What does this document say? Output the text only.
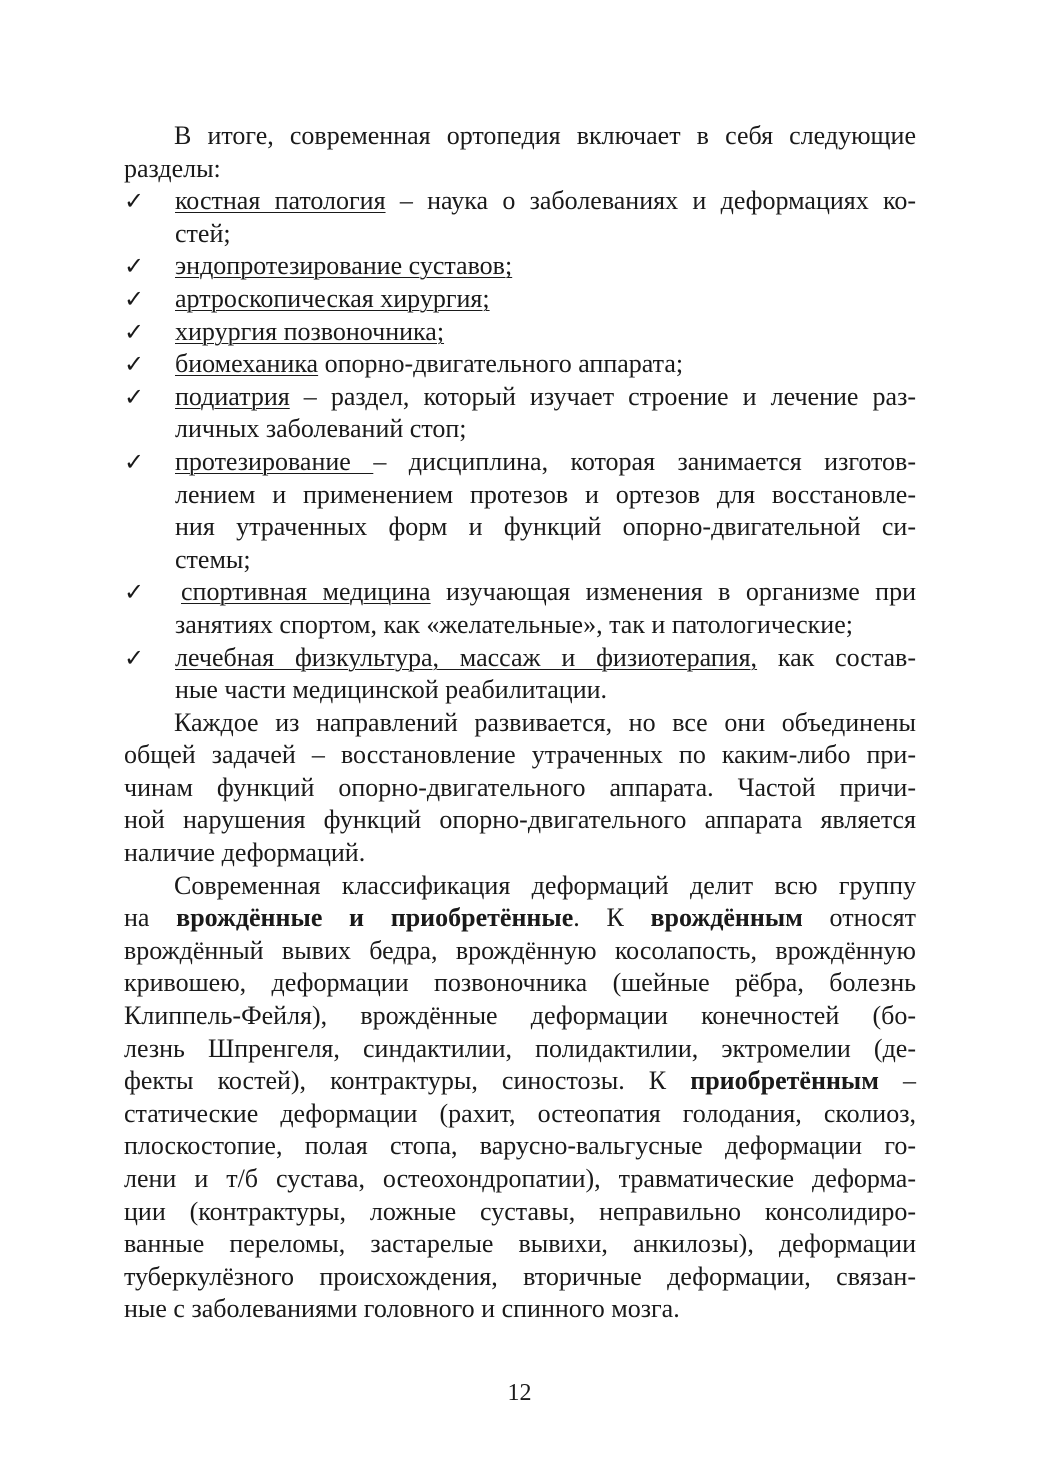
В итоге, современная ортопедия включает в себя следующие
разделы:
✓	костная патология – наука о заболеваниях и деформациях ко-
стей;
✓	эндопротезирование суставов;
✓	артроскопическая хирургия;
✓	хирургия позвоночника;
✓	биомеханика опорно-двигательного аппарата;
✓	подиатрия – раздел, который изучает строение и лечение раз-
личных заболеваний стоп;
✓	протезирование – дисциплина, которая занимается изготов-
лением и применением протезов и ортезов для восстановле-
ния утраченных форм и функций опорно-двигательной си-
стемы;
✓	спортивная медицина изучающая изменения в организме при
занятиях спортом, как «желательные», так и патологические;
✓	лечебная физкультура, массаж и физиотерапия, как состав-
ные части медицинской реабилитации.
Каждое из направлений развивается, но все они объединены
общей задачей – восстановление утраченных по каким-либо при-
чинам функций опорно-двигательного аппарата. Частой причи-
ной нарушения функций опорно-двигательного аппарата является
наличие деформаций.
Современная классификация деформаций делит всю группу
на врождённые и приобретённые. К врождённым относят
врождённый вывих бедра, врождённую косолапость, врождённую
кривошею, деформации позвоночника (шейные рёбра, болезнь
Клиппель-Фейля), врождённые деформации конечностей (бо-
лезнь Шпренгеля, синдактилии, полидактилии, эктромелии (де-
фекты костей), контрактуры, синостозы. К приобретённым –
статические деформации (рахит, остеопатия голодания, сколиоз,
плоскостопие, полая стопа, варусно-вальгусные деформации го-
лени и т/б сустава, остеохондропатии), травматические деформа-
ции (контрактуры, ложные суставы, неправильно консолидиро-
ванные переломы, застарелые вывихи, анкилозы), деформации
туберкулёзного происхождения, вторичные деформации, связан-
ные с заболеваниями головного и спинного мозга.
12
